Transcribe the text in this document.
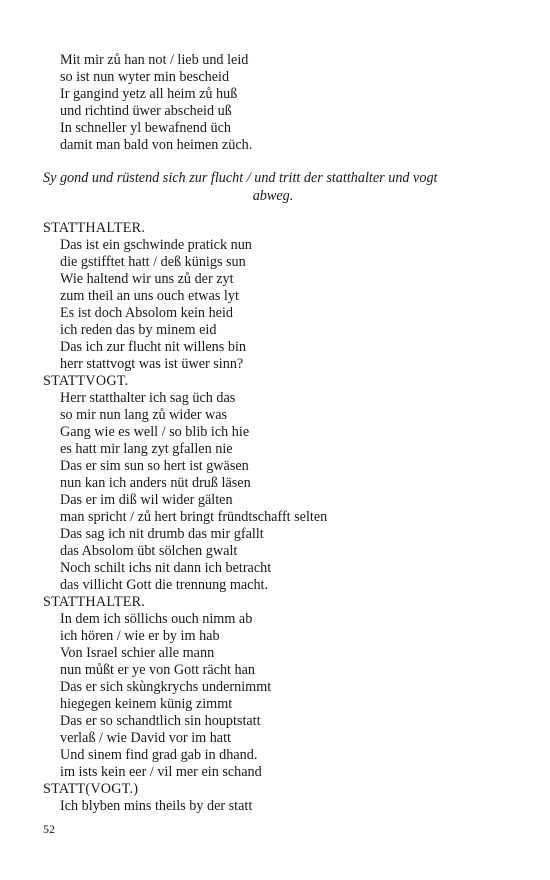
Mit mir zů han not / lieb und leid
so ist nun wyter min bescheid
Ir gangind yetz all heim zů huß
und richtind üwer abscheid uß
In schneller yl bewafnend üch
damit man bald von heimen züch.
Sy gond und rüstend sich zur flucht / und tritt der statthalter und vogt
abweg.
STATTHALTER.
Das ist ein gschwinde pratick nun
die gstifftet hatt / deß künigs sun
Wie haltend wir uns zů der zyt
zum theil an uns ouch etwas lyt
Es ist doch Absolom kein heid
ich reden das by minem eid
Das ich zur flucht nit willens bin
herr stattvogt was ist üwer sinn?
STATTVOGT.
Herr statthalter ich sag üch das
so mir nun lang zů wider was
Gang wie es well / so blib ich hie
es hatt mir lang zyt gfallen nie
Das er sim sun so hert ist gwäsen
nun kan ich anders nüt druß läsen
Das er im diß wil wider gälten
man spricht / zů hert bringt fründtschafft selten
Das sag ich nit drumb das mir gfallt
das Absolom übt sölchen gwalt
Noch schilt ichs nit dann ich betracht
das villicht Gott die trennung macht.
STATTHALTER.
In dem ich söllichs ouch nimm ab
ich hören / wie er by im hab
Von Israel schier alle mann
nun můßt er ye von Gott rächt han
Das er sich skùngkrychs undernimmt
hiegegen keinem künig zimmt
Das er so schandtlich sin houptstatt
verlaß / wie David vor im hatt
Und sinem find grad gab in dhand.
im ists kein eer / vil mer ein schand
STATT(VOGT.)
Ich blyben mins theils by der statt
52
